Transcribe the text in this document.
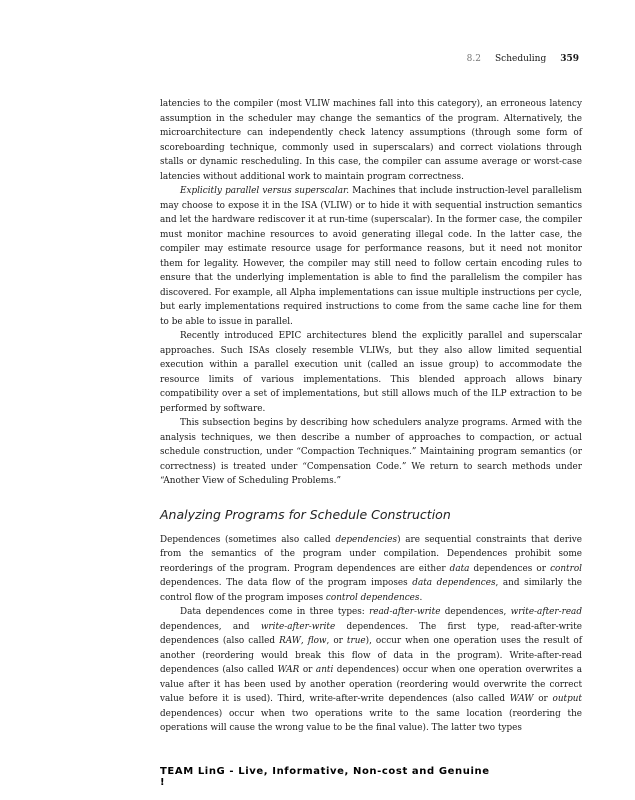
8.2 Scheduling 359

latencies to the compiler (most VLIW machines fall into this category), an erroneous latency assumption in the scheduler may change the semantics of the program. Alternatively, the microarchitecture can independently check latency assumptions (through some form of scoreboarding technique, commonly used in superscalars) and correct violations through stalls or dynamic rescheduling. In this case, the compiler can assume average or worst-case latencies without additional work to maintain program correctness.

Explicitly parallel versus superscalar. Machines that include instruction-level parallelism may choose to expose it in the ISA (VLIW) or to hide it with sequential instruction semantics and let the hardware rediscover it at run-time (superscalar). In the former case, the compiler must monitor machine resources to avoid generating illegal code. In the latter case, the compiler may estimate resource usage for performance reasons, but it need not monitor them for legality. However, the compiler may still need to follow certain encoding rules to ensure that the underlying implementation is able to find the parallelism the compiler has discovered. For example, all Alpha implementations can issue multiple instructions per cycle, but early implementations required instructions to come from the same cache line for them to be able to issue in parallel.

Recently introduced EPIC architectures blend the explicitly parallel and superscalar approaches. Such ISAs closely resemble VLIWs, but they also allow limited sequential execution within a parallel execution unit (called an issue group) to accommodate the resource limits of various implementations. This blended approach allows binary compatibility over a set of implementations, but still allows much of the ILP extraction to be performed by software.

This subsection begins by describing how schedulers analyze programs. Armed with the analysis techniques, we then describe a number of approaches to compaction, or actual schedule construction, under “Compaction Techniques.” Maintaining program semantics (or correctness) is treated under “Compensation Code.” We return to search methods under “Another View of Scheduling Problems.”

Analyzing Programs for Schedule Construction

Dependences (sometimes also called dependencies) are sequential constraints that derive from the semantics of the program under compilation. Dependences prohibit some reorderings of the program. Program dependences are either data dependences or control dependences. The data flow of the program imposes data dependences, and similarly the control flow of the program imposes control dependences.

Data dependences come in three types: read-after-write dependences, write-after-read dependences, and write-after-write dependences. The first type, read-after-write dependences (also called RAW, flow, or true), occur when one operation uses the result of another (reordering would break this flow of data in the program). Write-after-read dependences (also called WAR or anti dependences) occur when one operation overwrites a value after it has been used by another operation (reordering would overwrite the correct value before it is used). Third, write-after-write dependences (also called WAW or output dependences) occur when two operations write to the same location (reordering the operations will cause the wrong value to be the final value). The latter two types

TEAM LinG - Live, Informative, Non-cost and Genuine !
